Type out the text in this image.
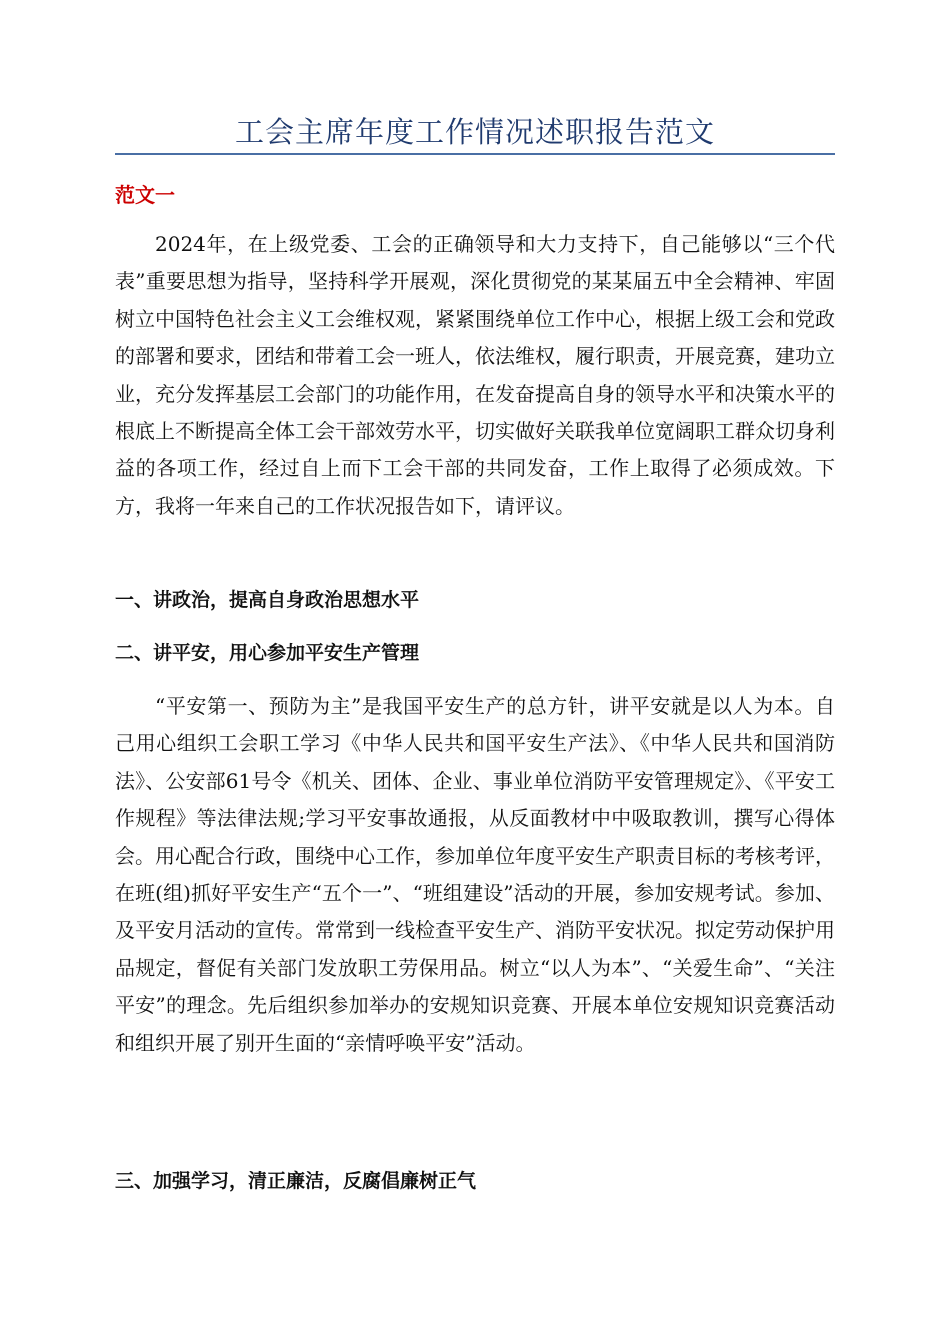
工会主席年度工作情况述职报告范文
范文一

2024年，在上级党委、工会的正确领导和大力支持下，自己能够以“三个代表”重要思想为指导，坚持科学开展观，深化贯彻党的某某届五中全会精神、牢固树立中国特色社会主义工会维权观，紧紧围绕单位工作中心，根据上级工会和党政的部署和要求，团结和带着工会一班人，依法维权，履行职责，开展竞赛，建功立业，充分发挥基层工会部门的功能作用，在发奋提高自身的领导水平和决策水平的根底上不断提高全体工会干部效劳水平，切实做好关联我单位宽阔职工群众切身利益的各项工作，经过自上而下工会干部的共同发奋，工作上取得了必须成效。下方，我将一年来自己的工作状况报告如下，请评议。

一、讲政治，提高自身政治思想水平
二、讲平安，用心参加平安生产管理

“平安第一、预防为主”是我国平安生产的总方针，讲平安就是以人为本。自己用心组织工会职工学习《中华人民共和国平安生产法》、《中华人民共和国消防法》、公安部61号令《机关、团体、企业、事业单位消防平安管理规定》、《平安工作规程》等法律法规;学习平安事故通报，从反面教材中中吸取教训，撰写心得体会。用心配合行政，围绕中心工作，参加单位年度平安生产职责目标的考核考评，在班(组)抓好平安生产“五个一”、“班组建设”活动的开展，参加安规考试。参加、及平安月活动的宣传。常常到一线检查平安生产、消防平安状况。拟定劳动保护用品规定，督促有关部门发放职工劳保用品。树立“以人为本”、“关爱生命”、“关注平安”的理念。先后组织参加举办的安规知识竞赛、开展本单位安规知识竞赛活动和组织开展了别开生面的“亲情呼唤平安”活动。

三、加强学习，清正廉洁，反腐倡廉树正气
